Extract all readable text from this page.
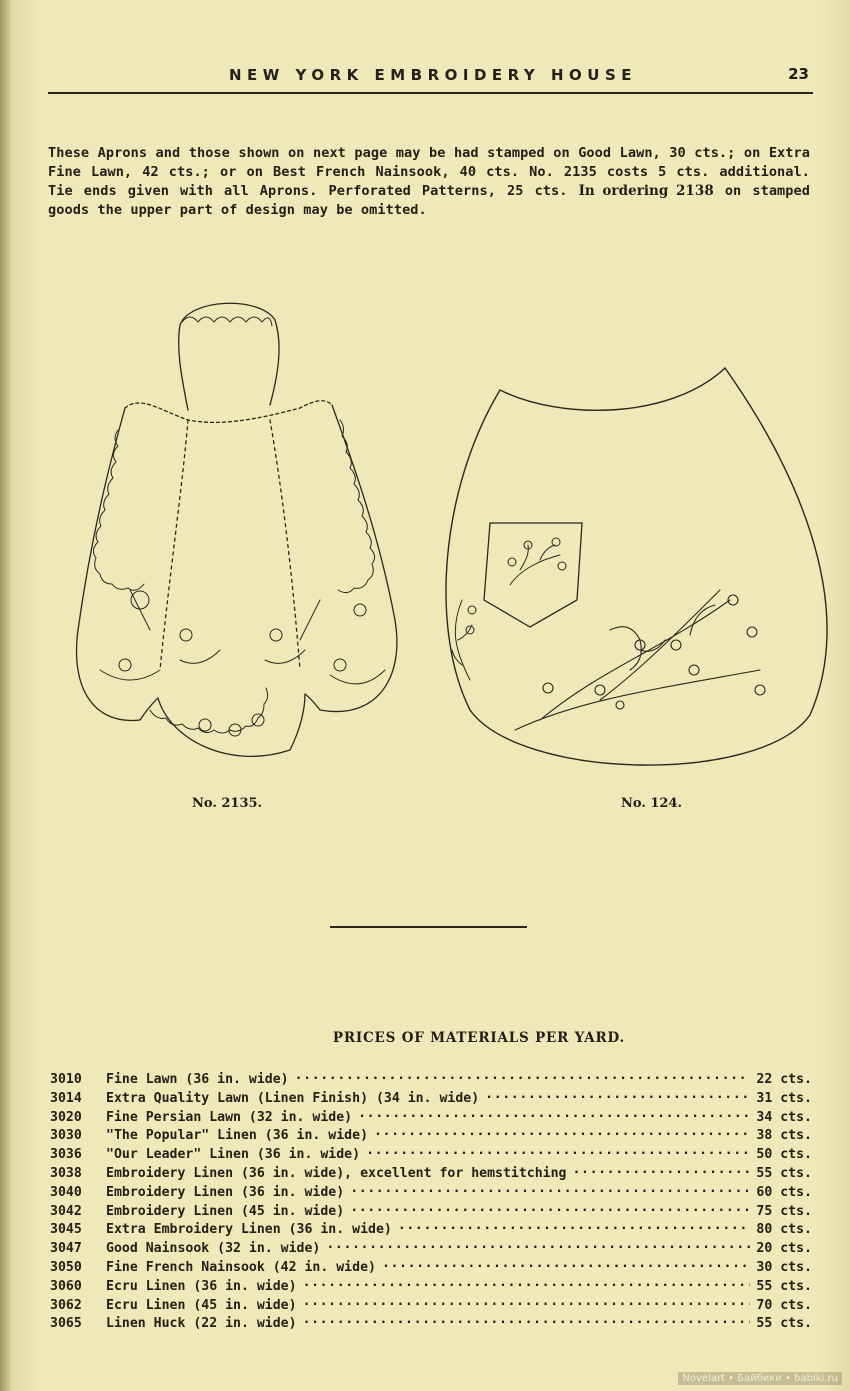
NEW YORK EMBROIDERY HOUSE	23
These Aprons and those shown on next page may be had stamped on Good Lawn, 30 cts.; on Extra Fine Lawn, 42 cts.; or on Best French Nainsook, 40 cts. No. 2135 costs 5 cts. additional. Tie ends given with all Aprons. Perforated Patterns, 25 cts. In ordering 2138 on stamped goods the upper part of design may be omitted.
No. 2135.	No. 124.
PRICES OF MATERIALS PER YARD.
3010	Fine Lawn (36 in. wide) .....	22 cts.
3014	Extra Quality Lawn (Linen Finish) (34 in. wide) .....	31 cts.
3020	Fine Persian Lawn (32 in. wide) .....	34 cts.
3030	"The Popular" Linen (36 in. wide) .....	38 cts.
3036	"Our Leader" Linen (36 in. wide) .....	50 cts.
3038	Embroidery Linen (36 in. wide), excellent for hemstitching .....	55 cts.
3040	Embroidery Linen (36 in. wide) .....	60 cts.
3042	Embroidery Linen (45 in. wide) .....	75 cts.
3045	Extra Embroidery Linen (36 in. wide) .....	80 cts.
3047	Good Nainsook (32 in. wide) .....	20 cts.
3050	Fine French Nainsook (42 in. wide) .....	30 cts.
3060	Ecru Linen (36 in. wide) .....	55 cts.
3062	Ecru Linen (45 in. wide) .....	70 cts.
3065	Linen Huck (22 in. wide) .....	55 cts.
Novelart • Байбики • babiki.ru
